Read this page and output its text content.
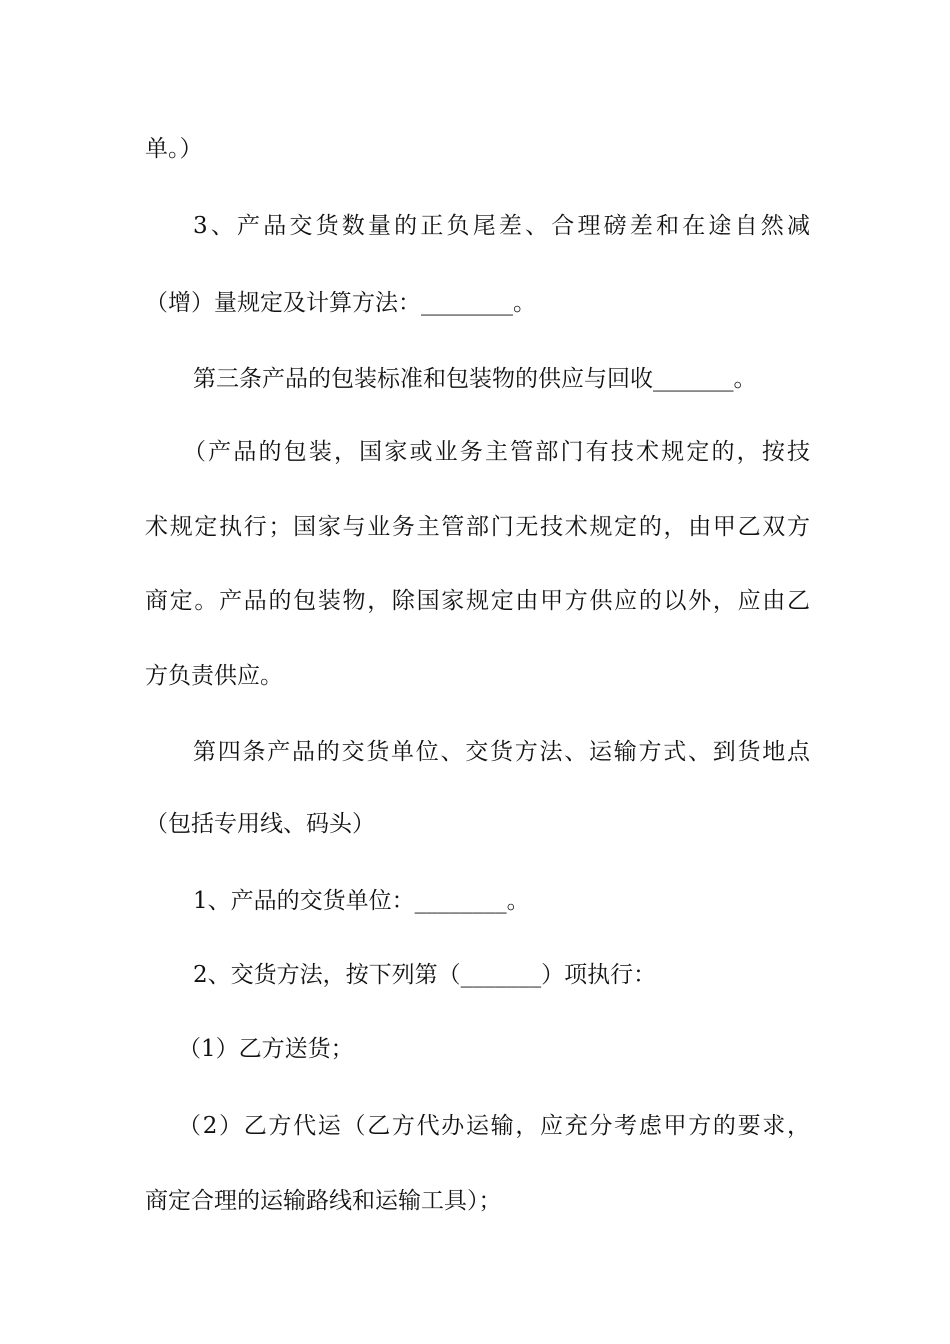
单。）
3、产品交货数量的正负尾差、合理磅差和在途自然减
（增）量规定及计算方法：________。
第三条产品的包装标准和包装物的供应与回收_______。
（产品的包装，国家或业务主管部门有技术规定的，按技
术规定执行；国家与业务主管部门无技术规定的，由甲乙双方
商定。产品的包装物，除国家规定由甲方供应的以外，应由乙
方负责供应。
第四条产品的交货单位、交货方法、运输方式、到货地点
（包括专用线、码头）
1、产品的交货单位：________。
2、交货方法，按下列第（_______）项执行：
（1）乙方送货；
（2）乙方代运（乙方代办运输，应充分考虑甲方的要求，
商定合理的运输路线和运输工具）；
